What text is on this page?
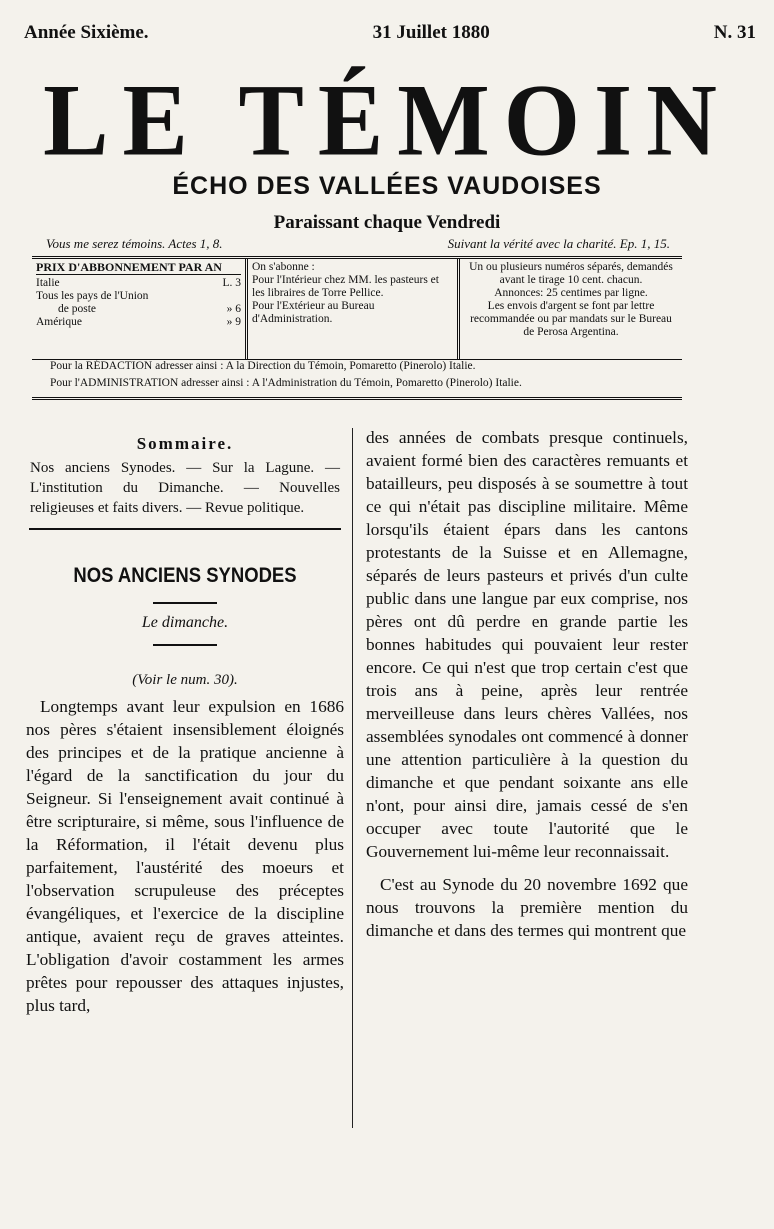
Année Sixième.	31 Juillet 1880	N. 31
LE TÉMOIN
ÉCHO DES VALLÉES VAUDOISES
Paraissant chaque Vendredi
Vous me serez témoins. Actes 1, 8.	Suivant la vérité avec la charité. Ep. 1, 15.
PRIX D'ABBONNEMENT PAR AN
Italie	L. 3
Tous les pays de l'Union
de poste	» 6
Amérique	» 9
On s'abonne :
Pour l'Intérieur chez MM. les pasteurs et les libraires de Torre Pellice.
Pour l'Extérieur au Bureau d'Administration.
Un ou plusieurs numéros séparés, demandés avant le tirage 10 cent. chacun.
Annonces: 25 centimes par ligne.
Les envois d'argent se font par lettre recommandée ou par mandats sur le Bureau de Perosa Argentina.
Pour la RÉDACTION adresser ainsi : A la Direction du Témoin, Pomaretto (Pinerolo) Italie.
Pour l'ADMINISTRATION adresser ainsi : A l'Administration du Témoin, Pomaretto (Pinerolo) Italie.
Sommaire.

Nos anciens Synodes. — Sur la Lagune. — L'institution du Dimanche. — Nouvelles religieuses et faits divers. — Revue politique.

NOS ANCIENS SYNODES
Le dimanche.
(Voir le num. 30).

Longtemps avant leur expulsion en 1686 nos pères s'étaient insensiblement éloignés des principes et de la pratique ancienne à l'égard de la sanctification du jour du Seigneur. Si l'enseignement avait continué à être scripturaire, si même, sous l'influence de la Réformation, il l'était devenu plus parfaitement, l'austérité des moeurs et l'observation scrupuleuse des préceptes évangéliques, et l'exercice de la discipline antique, avaient reçu de graves atteintes. L'obligation d'avoir costamment les armes prêtes pour repousser des attaques injustes, plus tard,

des années de combats presque continuels, avaient formé bien des caractères remuants et batailleurs, peu disposés à se soumettre à tout ce qui n'était pas discipline militaire. Même lorsqu'ils étaient épars dans les cantons protestants de la Suisse et en Allemagne, séparés de leurs pasteurs et privés d'un culte public dans une langue par eux comprise, nos pères ont dû perdre en grande partie les bonnes habitudes qui pouvaient leur rester encore. Ce qui n'est que trop certain c'est que trois ans à peine, après leur rentrée merveilleuse dans leurs chères Vallées, nos assemblées synodales ont commencé à donner une attention particulière à la question du dimanche et que pendant soixante ans elle n'ont, pour ainsi dire, jamais cessé de s'en occuper avec toute l'autorité que le Gouvernement lui-même leur reconnaissait.

C'est au Synode du 20 novembre 1692 que nous trouvons la première mention du dimanche et dans des termes qui montrent que
